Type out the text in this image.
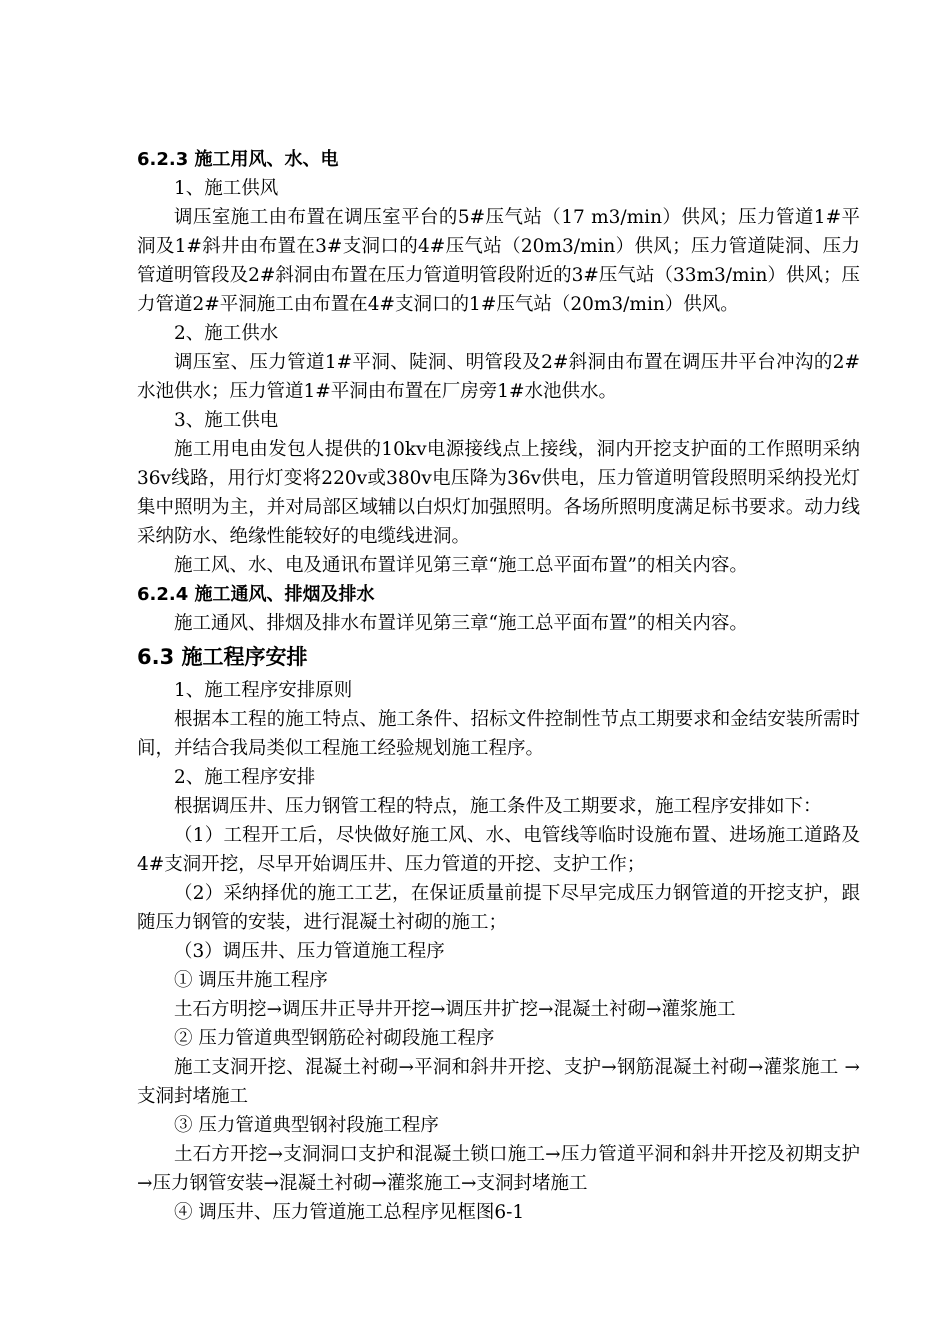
6.2.3 施工用风、水、电

1、施工供风

调压室施工由布置在调压室平台的5#压气站（17 m3/min）供风；压力管道1#平洞及1#斜井由布置在3#支洞口的4#压气站（20m3/min）供风；压力管道陡洞、压力管道明管段及2#斜洞由布置在压力管道明管段附近的3#压气站（33m3/min）供风；压力管道2#平洞施工由布置在4#支洞口的1#压气站（20m3/min）供风。

2、施工供水

调压室、压力管道1#平洞、陡洞、明管段及2#斜洞由布置在调压井平台冲沟的2#水池供水；压力管道1#平洞由布置在厂房旁1#水池供水。

3、施工供电

施工用电由发包人提供的10kv电源接线点上接线，洞内开挖支护面的工作照明采纳36v线路，用行灯变将220v或380v电压降为36v供电，压力管道明管段照明采纳投光灯集中照明为主，并对局部区域辅以白炽灯加强照明。各场所照明度满足标书要求。动力线采纳防水、绝缘性能较好的电缆线进洞。

施工风、水、电及通讯布置详见第三章“施工总平面布置”的相关内容。

6.2.4 施工通风、排烟及排水

施工通风、排烟及排水布置详见第三章“施工总平面布置”的相关内容。

6.3 施工程序安排

1、施工程序安排原则

根据本工程的施工特点、施工条件、招标文件控制性节点工期要求和金结安装所需时间，并结合我局类似工程施工经验规划施工程序。

2、施工程序安排

根据调压井、压力钢管工程的特点，施工条件及工期要求，施工程序安排如下：

（1）工程开工后，尽快做好施工风、水、电管线等临时设施布置、进场施工道路及4#支洞开挖，尽早开始调压井、压力管道的开挖、支护工作；

（2）采纳择优的施工工艺，在保证质量前提下尽早完成压力钢管道的开挖支护，跟随压力钢管的安装，进行混凝土衬砌的施工；

（3）调压井、压力管道施工程序

① 调压井施工程序

土石方明挖→调压井正导井开挖→调压井扩挖→混凝土衬砌→灌浆施工

② 压力管道典型钢筋砼衬砌段施工程序

施工支洞开挖、混凝土衬砌→平洞和斜井开挖、支护→钢筋混凝土衬砌→灌浆施工 →支洞封堵施工

③ 压力管道典型钢衬段施工程序

土石方开挖→支洞洞口支护和混凝土锁口施工→压力管道平洞和斜井开挖及初期支护→压力钢管安装→混凝土衬砌→灌浆施工→支洞封堵施工

④ 调压井、压力管道施工总程序见框图6-1
